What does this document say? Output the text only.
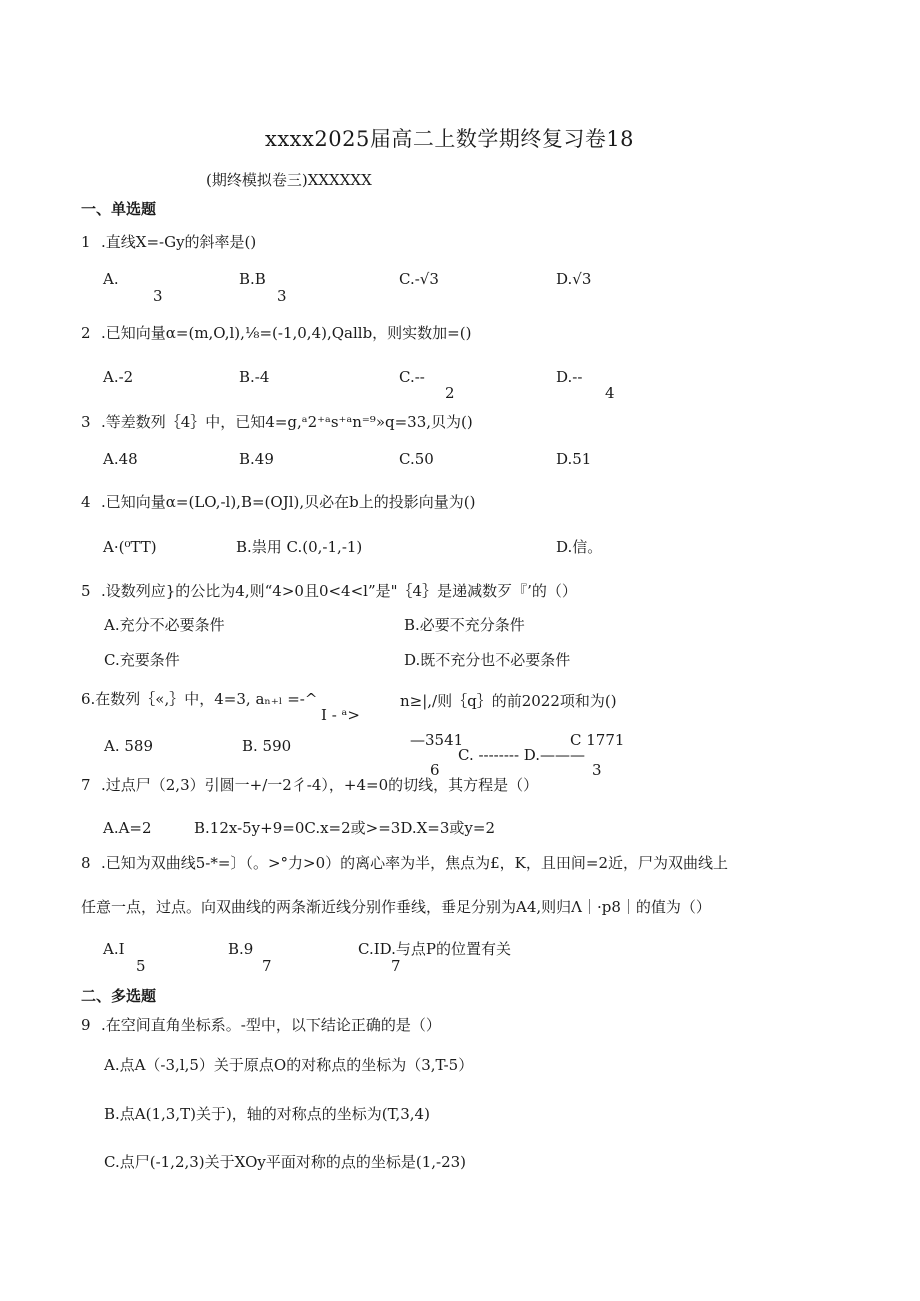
xxxx2025届高二上数学期终复习卷18
(期终模拟卷三)XXXXXX
一、单选题
1 .直线X=-Gy的斜率是()
A.
3
B.B
3
C.-√3	D.√3
2 .已知向量α=(m,O,l),⅛=(-1,0,4),Qallb，则实数加=()
A.-2	B.-4	C.--
2
D.--
4
3 .等差数列｛4｝中，已知4=g,ᵃ2⁺ᵃs⁺ᵃn⁼⁹»q=33,贝为()
A.48	B.49	C.50	D.51
4 .已知向量α=(LO,-l),B=(OJl),贝必在b上的投影向量为()
A·(⁰TT)	B.祟用 C.(0,-1,-1)	D.信。
5 .设数列应}的公比为4,则“4>0且0<4<l”是"｛4｝是递减数歹『’的（）
A.充分不必要条件	B.必要不充分条件
C.充要条件	D.既不充分也不必要条件
6.在数列｛«,｝中，4=3, aₙ₊ₗ =-^
I - ᵃ>
n≥|,/则｛q｝的前2022项和为()
A. 589	B. 590	—3541
C. -------- D.———
6
C 1771
3
7 .过点尸（2,3）引圆一+/一2彳-4），+4=0的切线，其方程是（）
A.A=2	B.12x-5y+9=0C.x=2或>=3D.X=3或y=2
8 .已知为双曲线5-*=〕（。>°力>0）的离心率为半，焦点为£，K，且田间=2近，尸为双曲线上
任意一点，过点。向双曲线的两条渐近线分别作垂线，垂足分别为A4,则归Λ｜·p8｜的值为（）
A.I
5
B.9
7
C.ID.与点P的位置有关
7
二、多选题
9 .在空间直角坐标系。-型中，以下结论正确的是（）
A.点A（-3,l,5）关于原点O的对称点的坐标为（3,T-5）
B.点A(1,3,T)关于)，轴的对称点的坐标为(T,3,4)
C.点尸(-1,2,3)关于XOy平面对称的点的坐标是(1,-23)
